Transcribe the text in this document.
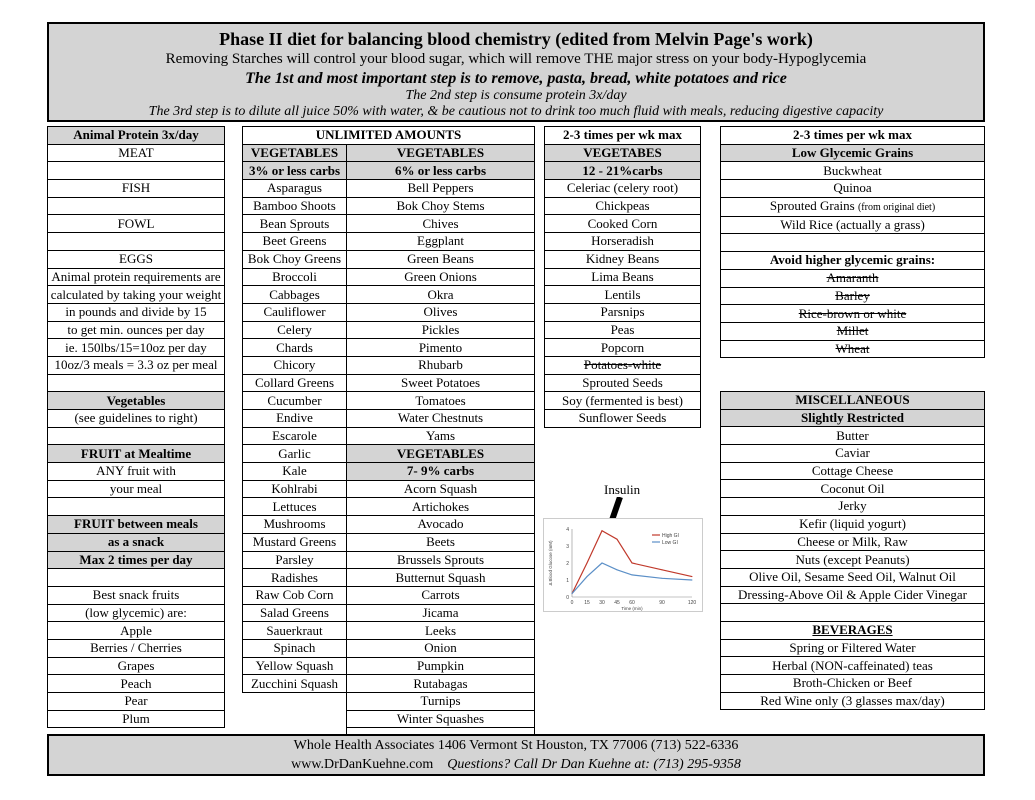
Phase II diet for balancing blood chemistry (edited from Melvin Page's work)
Removing Starches will control your blood sugar, which will remove THE major stress on your body-Hypoglycemia
The 1st and most important step is to remove, pasta, bread, white potatoes and rice
The 2nd step is consume protein 3x/day
The 3rd step is to dilute all juice 50% with water, & be cautious not to drink too much fluid with meals, reducing digestive capacity
Animal Protein 3x/day
MEAT

FISH

FOWL

EGGS
Animal protein requirements are
calculated by taking your weight
in pounds and divide by 15
to get min. ounces per day
ie. 150lbs/15=10oz per day
10oz/3 meals = 3.3 oz per meal

Vegetables
(see guidelines to right)

FRUIT at Mealtime
ANY fruit with
your meal

FRUIT between meals
as a snack
Max 2 times per day

Best snack fruits
(low glycemic) are:
Apple
Berries / Cherries
Grapes
Peach
Pear
Plum
UNLIMITED AMOUNTS	
VEGETABLES	VEGETABLES
3% or less carbs	6% or less carbs
Asparagus	Bell Peppers
Bamboo Shoots	Bok Choy Stems
Bean Sprouts	Chives
Beet Greens	Eggplant
Bok Choy Greens	Green Beans
Broccoli	Green Onions
Cabbages	Okra
Cauliflower	Olives
Celery	Pickles
Chards	Pimento
Chicory	Rhubarb
Collard Greens	Sweet Potatoes
Cucumber	Tomatoes
Endive	Water Chestnuts
Escarole	Yams
Garlic	VEGETABLES
Kale	7- 9% carbs
Kohlrabi	Acorn Squash
Lettuces	Artichokes
Mushrooms	Avocado
Mustard Greens	Beets
Parsley	Brussels Sprouts
Radishes	Butternut Squash
Raw Cob Corn	Carrots
Salad Greens	Jicama
Sauerkraut	Leeks
Spinach	Onion
Yellow Squash	Pumpkin
Zucchini Squash	Rutabagas
	Turnips
	Winter Squashes

2-3 times per wk max
VEGETABES
12 - 21%carbs
Celeriac (celery root)
Chickpeas
Cooked Corn
Horseradish
Kidney Beans
Lima Beans
Lentils
Parsnips
Peas
Popcorn
Potatoes-white
Sprouted Seeds
Soy (fermented is best)
Sunflower Seeds
2-3 times per wk max
Low Glycemic Grains
Buckwheat
Quinoa
Sprouted Grains (from original diet)
Wild Rice (actually a grass)

Avoid higher glycemic grains:
Amaranth
Barley
Rice-brown or white
Millet
Wheat
MISCELLANEOUS
Slightly Restricted
Butter
Caviar
Cottage Cheese
Coconut Oil
Jerky
Kefir (liquid yogurt)
Cheese or Milk, Raw
Nuts (except Peanuts)
Olive Oil, Sesame Seed Oil, Walnut Oil
Dressing-Above Oil & Apple Cider Vinegar

BEVERAGES
Spring or Filtered Water
Herbal (NON-caffeinated) teas
Broth-Chicken or Beef
Red Wine only (3 glasses max/day)
Insulin
0
1
2
3
4
0 15 30 45 60	90	120
Time (min)
Δ Blood Glucose (mM)
High GI
Low GI
Whole Health Associates 1406 Vermont St Houston, TX 77006 (713) 522-6336
www.DrDanKuehne.com Questions? Call Dr Dan Kuehne at: (713) 295-9358
